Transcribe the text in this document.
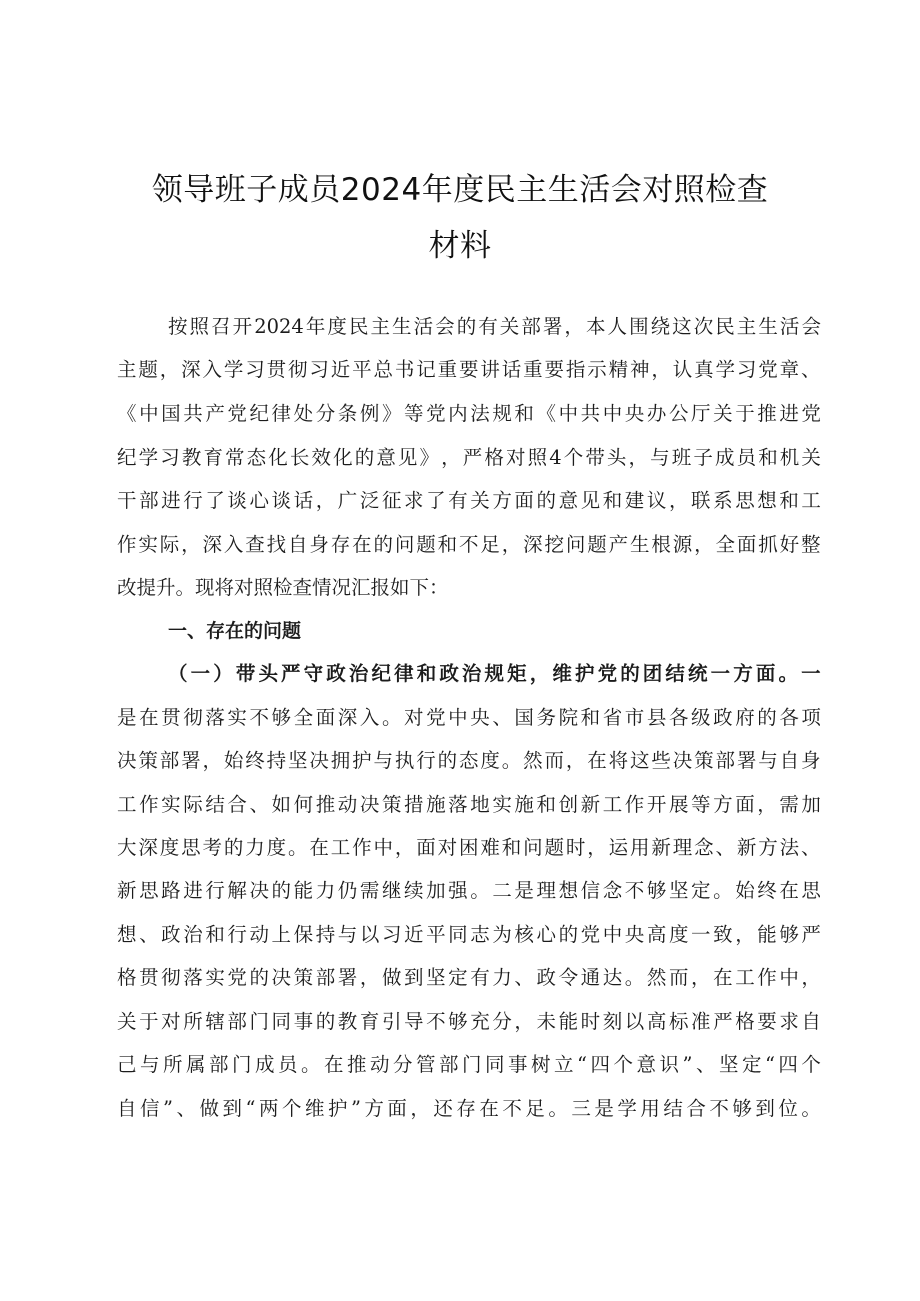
领导班子成员2024年度民主生活会对照检查
材料
按 照 召 开 2024 年 度 民 主 生 活 会 的 有 关 部 署 ， 本 人 围 绕 这 次 民 主 生 活 会
主 题 ， 深 入 学 习 贯 彻 习 近 平 总 书 记 重 要 讲 话 重 要 指 示 精 神 ， 认 真 学 习 党 章 、
《 中 国 共 产 党 纪 律 处 分 条 例 》 等 党 内 法 规 和 《 中 共 中 央 办 公 厅 关 于 推 进 党
纪 学 习 教 育 常 态 化 长 效 化 的 意 见 》 ， 严 格 对 照 4 个 带 头 ， 与 班 子 成 员 和 机 关
干 部 进 行 了 谈 心 谈 话 ， 广 泛 征 求 了 有 关 方 面 的 意 见 和 建 议 ， 联 系 思 想 和 工
作 实 际 ， 深 入 查 找 自 身 存 在 的 问 题 和 不 足 ， 深 挖 问 题 产 生 根 源 ， 全 面 抓 好 整
改提升。现将对照检查情况汇报如下：
一、存在的问题
（ 一 ） 带 头 严 守 政 治 纪 律 和 政 治 规 矩 ， 维 护 党 的 团 结 统 一 方 面 。 一
是 在 贯 彻 落 实 不 够 全 面 深 入 。 对 党 中 央 、 国 务 院 和 省 市 县 各 级 政 府 的 各 项
决 策 部 署 ， 始 终 持 坚 决 拥 护 与 执 行 的 态 度 。 然 而 ， 在 将 这 些 决 策 部 署 与 自 身
工 作 实 际 结 合 、 如 何 推 动 决 策 措 施 落 地 实 施 和 创 新 工 作 开 展 等 方 面 ， 需 加
大 深 度 思 考 的 力 度 。 在 工 作 中 ， 面 对 困 难 和 问 题 时 ， 运 用 新 理 念 、 新 方 法 、
新 思 路 进 行 解 决 的 能 力 仍 需 继 续 加 强 。 二 是 理 想 信 念 不 够 坚 定 。 始 终 在 思
想 、 政 治 和 行 动 上 保 持 与 以 习 近 平 同 志 为 核 心 的 党 中 央 高 度 一 致 ， 能 够 严
格 贯 彻 落 实 党 的 决 策 部 署 ， 做 到 坚 定 有 力 、 政 令 通 达 。 然 而 ， 在 工 作 中 ，
关 于 对 所 辖 部 门 同 事 的 教 育 引 导 不 够 充 分 ， 未 能 时 刻 以 高 标 准 严 格 要 求 自
己 与 所 属 部 门 成 员 。 在 推 动 分 管 部 门 同 事 树 立 “ 四 个 意 识 ” 、 坚 定 “ 四 个
自 信 ” 、 做 到 “ 两 个 维 护 ” 方 面 ， 还 存 在 不 足 。 三 是 学 用 结 合 不 够 到 位 。
